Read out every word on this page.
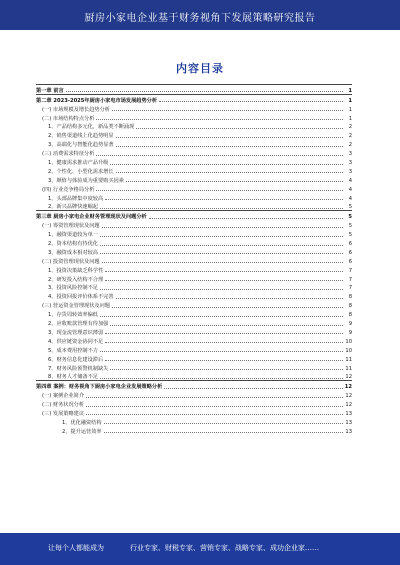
厨房小家电企业基于财务视角下发展策略研究报告
内容目录
第一章 前言	1
第二章 2023-2025年厨房小家电市场发展趋势分析	1
(一) 市场规模及增长趋势分析	1
(二) 市场结构特点分析	1
1、产品结构多元化，新品类不断涌现	2
2、销售渠道线上化趋势明显	2
3、高端化与智能化趋势显著	2
(三) 消费需求特征分析	3
1、健康需求推动产品升级	3
2、个性化、小型化需求增长	3
3、颜值与体验成为重要购买因素	4
(四) 行业竞争格局分析	4
1、头部品牌集中度较高	4
2、新兴品牌快速崛起	5
第三章 厨房小家电企业财务管理现状及问题分析	5
(一) 筹资管理现状及问题	5
1、融资渠道较为单一	5
2、资本结构有待优化	6
3、融资成本相对较高	6
(二) 投资管理现状及问题	6
1、投资决策缺乏科学性	7
2、研发投入结构不合理	7
3、投资风险控制不足	7
4、投资回报评价体系不完善	8
(三) 营运资金管理现状及问题	8
1、存货周转效率偏低	8
2、应收账款管理有待加强	9
3、现金流管理意识薄弱	9
4、供应链资金协同不足	10
5、成本费用控制不力	10
6、财务信息化建设滞后	11
7、财务风险预警机制缺失	11
8、财务人才储备不足	12
第四章 案例：财务视角下厨房小家电企业发展策略分析	12
(一) 案例企业简介	12
(二) 财务状况分析	12
(三) 发展策略建议	13
1、优化融资结构	13
2、提升运营效率	13
让每个人都能成为	行业专家、财税专家、营销专家、战略专家、成功企业家……
